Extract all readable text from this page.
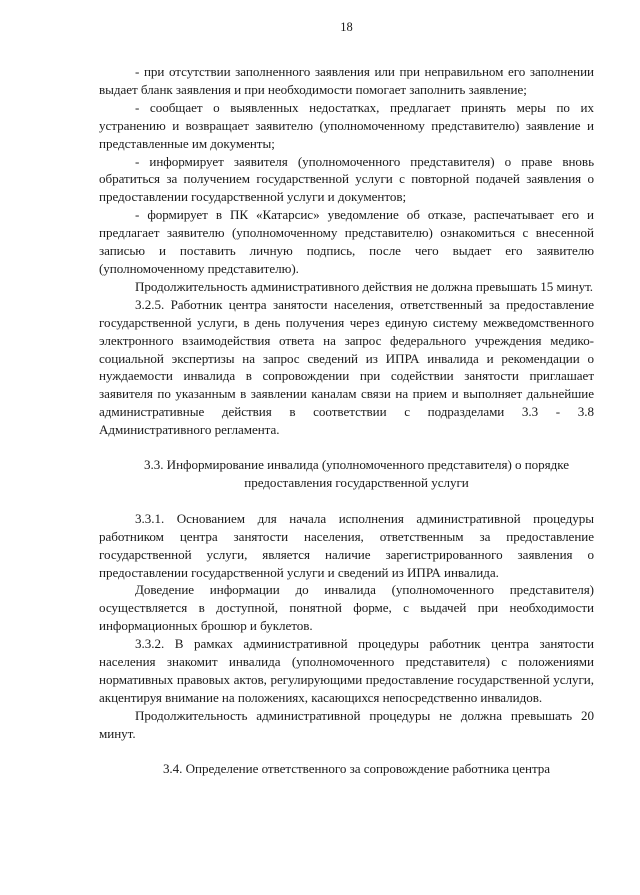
18

- при отсутствии заполненного заявления или при неправильном его заполнении выдает бланк заявления и при необходимости помогает заполнить заявление;

- сообщает о выявленных недостатках, предлагает принять меры по их устранению и возвращает заявителю (уполномоченному представителю) заявление и представленные им документы;

- информирует заявителя (уполномоченного представителя) о праве вновь обратиться за получением государственной услуги с повторной подачей заявления о предоставлении государственной услуги и документов;

- формирует в ПК «Катарсис» уведомление об отказе, распечатывает его и предлагает заявителю (уполномоченному представителю) ознакомиться с внесенной записью и поставить личную подпись, после чего выдает его заявителю (уполномоченному представителю).

Продолжительность административного действия не должна превышать 15 минут.

3.2.5. Работник центра занятости населения, ответственный за предоставление государственной услуги, в день получения через единую систему межведомственного электронного взаимодействия ответа на запрос федерального учреждения медико-социальной экспертизы на запрос сведений из ИПРА инвалида и рекомендации о нуждаемости инвалида в сопровождении при содействии занятости приглашает заявителя по указанным в заявлении каналам связи на прием и выполняет дальнейшие административные действия в соответствии с подразделами 3.3 - 3.8 Административного регламента.

3.3. Информирование инвалида (уполномоченного представителя) о порядке предоставления государственной услуги

3.3.1. Основанием для начала исполнения административной процедуры работником центра занятости населения, ответственным за предоставление государственной услуги, является наличие зарегистрированного заявления о предоставлении государственной услуги и сведений из ИПРА инвалида.

Доведение информации до инвалида (уполномоченного представителя) осуществляется в доступной, понятной форме, с выдачей при необходимости информационных брошюр и буклетов.

3.3.2. В рамках административной процедуры работник центра занятости населения знакомит инвалида (уполномоченного представителя) с положениями нормативных правовых актов, регулирующими предоставление государственной услуги, акцентируя внимание на положениях, касающихся непосредственно инвалидов.

Продолжительность административной процедуры не должна превышать 20 минут.

3.4. Определение ответственного за сопровождение работника центра
